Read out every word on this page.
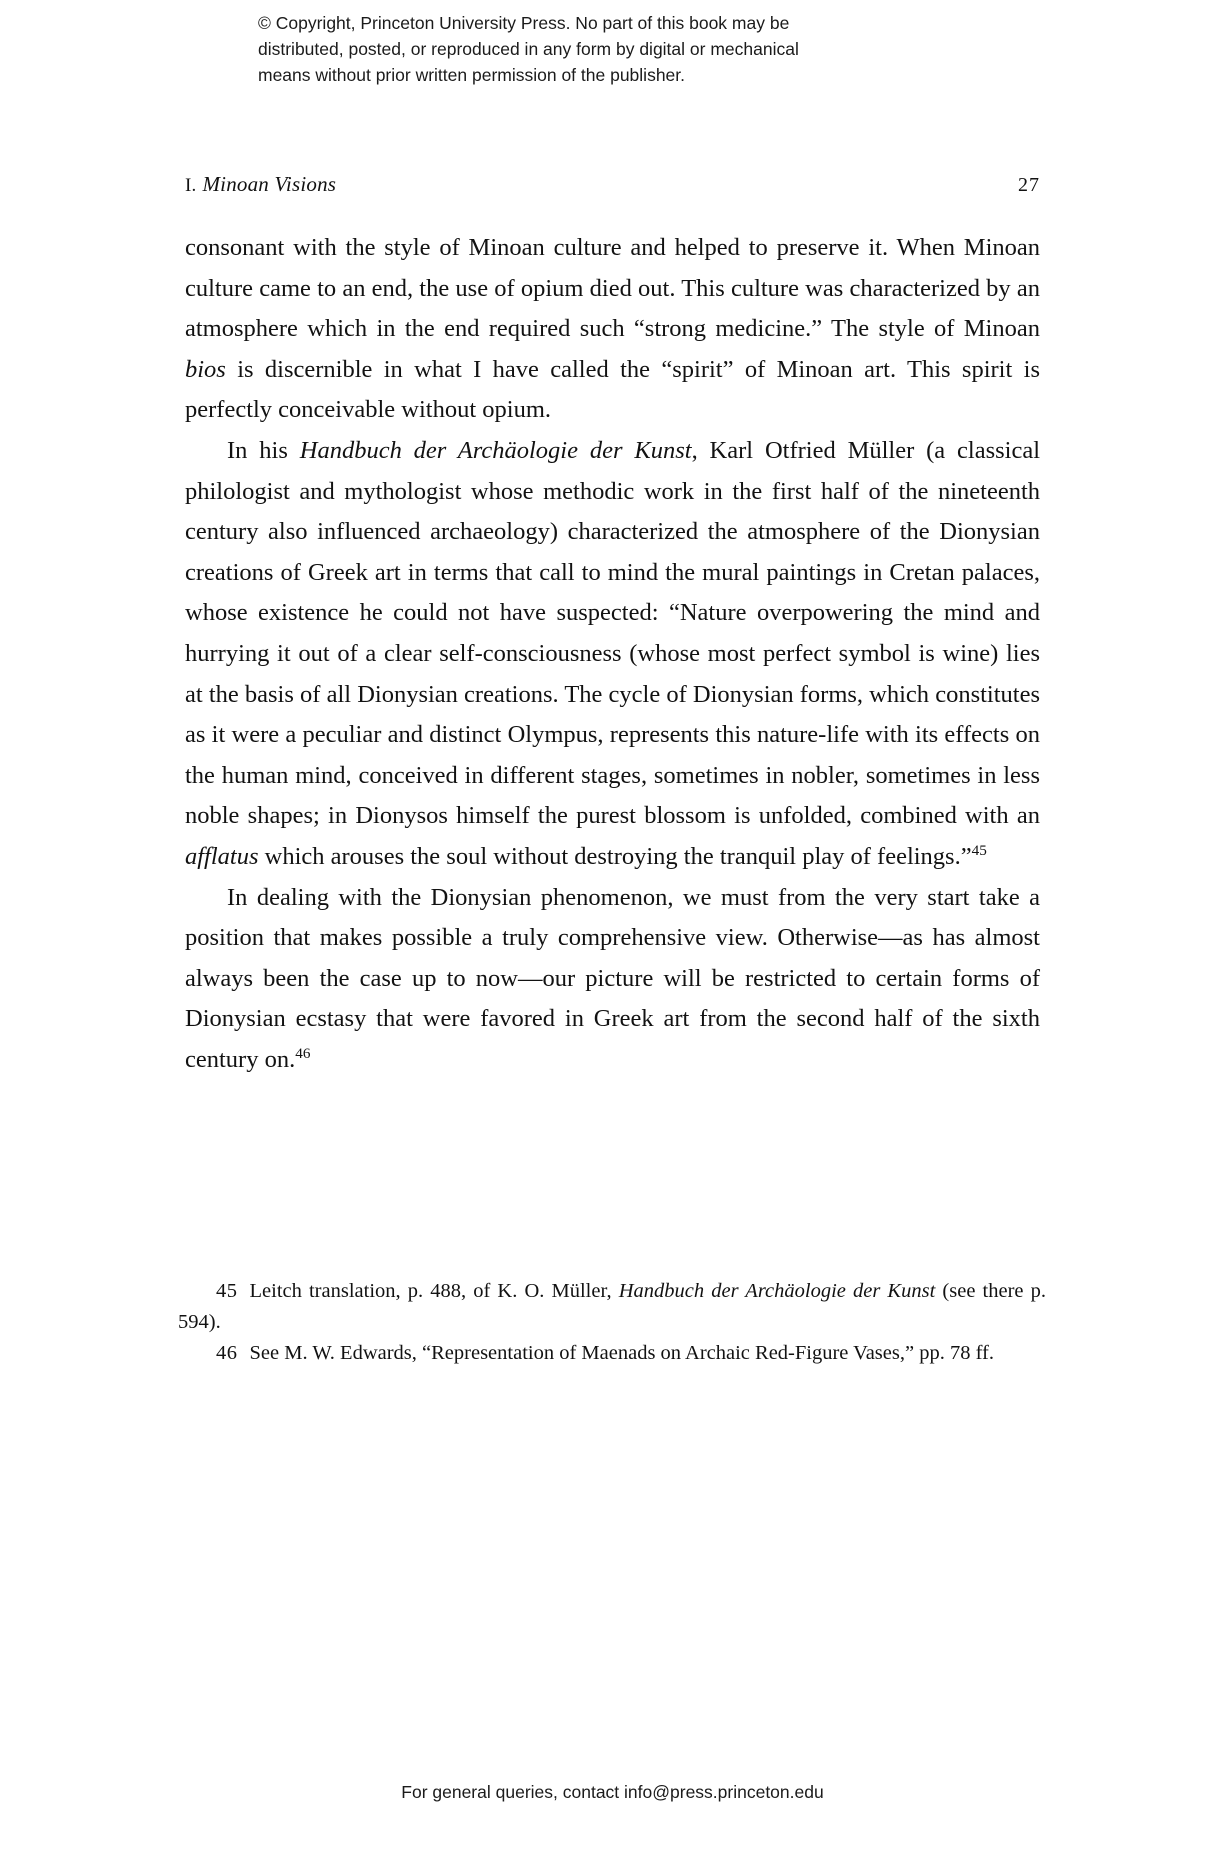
© Copyright, Princeton University Press. No part of this book may be
distributed, posted, or reproduced in any form by digital or mechanical
means without prior written permission of the publisher.
I. Minoan Visions	27

consonant with the style of Minoan culture and helped to preserve it. When Minoan culture came to an end, the use of opium died out. This culture was characterized by an atmosphere which in the end required such “strong medicine.” The style of Minoan bios is discernible in what I have called the “spirit” of Minoan art. This spirit is perfectly conceivable without opium.

In his Handbuch der Archäologie der Kunst, Karl Otfried Müller (a classical philologist and mythologist whose methodic work in the first half of the nineteenth century also influenced archaeology) characterized the atmosphere of the Dionysian creations of Greek art in terms that call to mind the mural paintings in Cretan palaces, whose existence he could not have suspected: “Nature overpowering the mind and hurrying it out of a clear self-consciousness (whose most perfect symbol is wine) lies at the basis of all Dionysian creations. The cycle of Dionysian forms, which constitutes as it were a peculiar and distinct Olympus, represents this nature-life with its effects on the human mind, conceived in different stages, sometimes in nobler, sometimes in less noble shapes; in Dionysos himself the purest blossom is unfolded, combined with an afflatus which arouses the soul without destroying the tranquil play of feelings.”$^{45}$

In dealing with the Dionysian phenomenon, we must from the very start take a position that makes possible a truly comprehensive view. Otherwise—as has almost always been the case up to now—our picture will be restricted to certain forms of Dionysian ecstasy that were favored in Greek art from the second half of the sixth century on.$^{46}$

45 Leitch translation, p. 488, of K. O. Müller, Handbuch der Archäologie der Kunst (see there p. 594).

46 See M. W. Edwards, “Representation of Maenads on Archaic Red-Figure Vases,” pp. 78 ff.

For general queries, contact info@press.princeton.edu
